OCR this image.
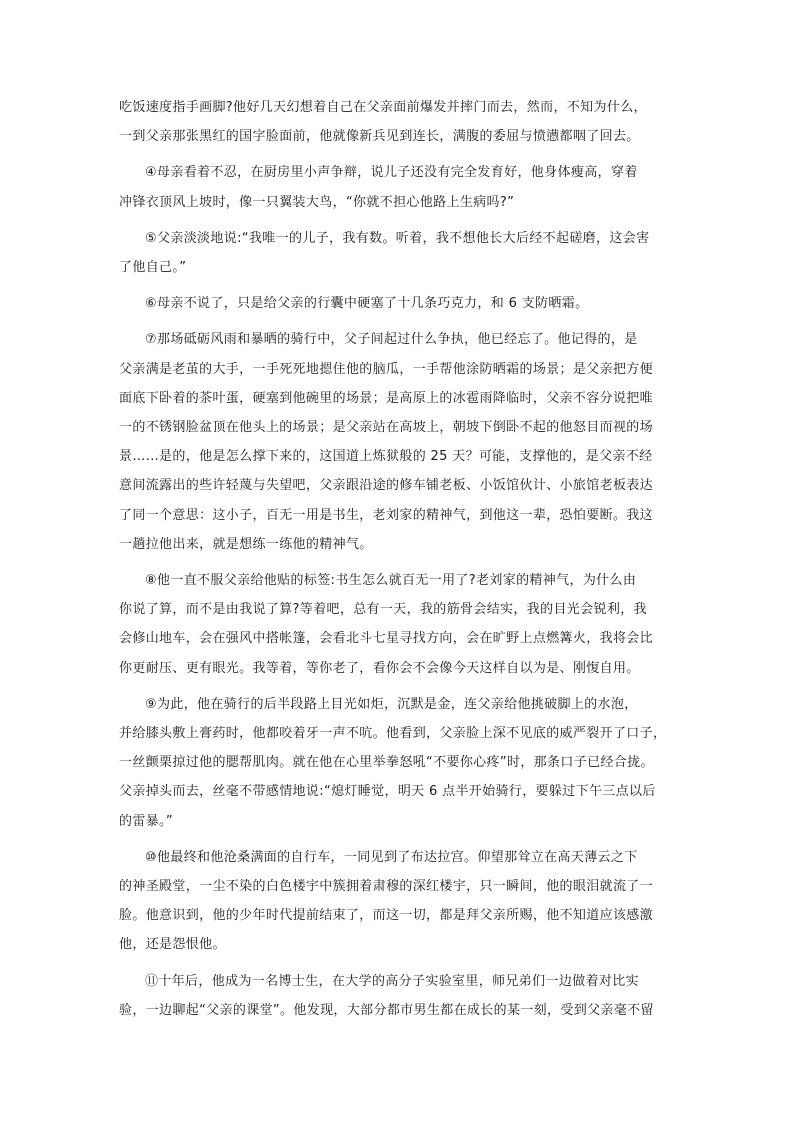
吃饭速度指手画脚?他好几天幻想着自己在父亲面前爆发并摔门而去，然而，不知为什么，
一到父亲那张黑红的国字脸面前，他就像新兵见到连长，满腹的委屈与愤懑都咽了回去。
④母亲看着不忍，在厨房里小声争辩，说儿子还没有完全发育好，他身体瘦高，穿着
冲锋衣顶风上坡时，像一只翼装大鸟，“你就不担心他路上生病吗?”
⑤父亲淡淡地说:“我唯一的儿子，我有数。听着，我不想他长大后经不起磋磨，这会害
了他自己。”
⑥母亲不说了，只是给父亲的行囊中硬塞了十几条巧克力，和 6 支防晒霜。
⑦那场砥砺风雨和暴晒的骑行中，父子间起过什么争执，他已经忘了。他记得的，是
父亲满是老茧的大手，一手死死地摁住他的脑瓜，一手帮他涂防晒霜的场景；是父亲把方便
面底下卧着的茶叶蛋，硬塞到他碗里的场景；是高原上的冰雹雨降临时，父亲不容分说把唯
一的不锈钢脸盆顶在他头上的场景；是父亲站在高坡上，朝坡下倒卧不起的他怒目而视的场
景……是的，他是怎么撑下来的，这国道上炼狱般的 25 天？可能，支撑他的，是父亲不经
意间流露出的些许轻蔑与失望吧，父亲跟沿途的修车铺老板、小饭馆伙计、小旅馆老板表达
了同一个意思：这小子，百无一用是书生，老刘家的精神气，到他这一辈，恐怕要断。我这
一趟拉他出来，就是想练一练他的精神气。
⑧他一直不服父亲给他贴的标签:书生怎么就百无一用了?老刘家的精神气，为什么由
你说了算，而不是由我说了算?等着吧，总有一天，我的筋骨会结实，我的目光会锐利，我
会修山地车，会在强风中搭帐篷，会看北斗七星寻找方向，会在旷野上点燃篝火，我将会比
你更耐压、更有眼光。我等着，等你老了，看你会不会像今天这样自以为是、刚愎自用。
⑨为此，他在骑行的后半段路上目光如炬，沉默是金，连父亲给他挑破脚上的水泡，
并给膝头敷上膏药时，他都咬着牙一声不吭。他看到，父亲脸上深不见底的威严裂开了口子，
一丝颤栗掠过他的腮帮肌肉。就在他在心里举拳怒吼“不要你心疼”时，那条口子已经合拢。
父亲掉头而去，丝毫不带感情地说:“熄灯睡觉，明天 6 点半开始骑行，要躲过下午三点以后
的雷暴。”
⑩他最终和他沧桑满面的自行车，一同见到了布达拉宫。仰望那耸立在高天薄云之下
的神圣殿堂，一尘不染的白色楼宇中簇拥着肃穆的深红楼宇，只一瞬间，他的眼泪就流了一
脸。他意识到，他的少年时代提前结束了，而这一切，都是拜父亲所赐，他不知道应该感激
他，还是怨恨他。
⑪十年后，他成为一名博士生，在大学的高分子实验室里，师兄弟们一边做着对比实
验，一边聊起“父亲的课堂”。他发现，大部分都市男生都在成长的某一刻，受到父亲毫不留
